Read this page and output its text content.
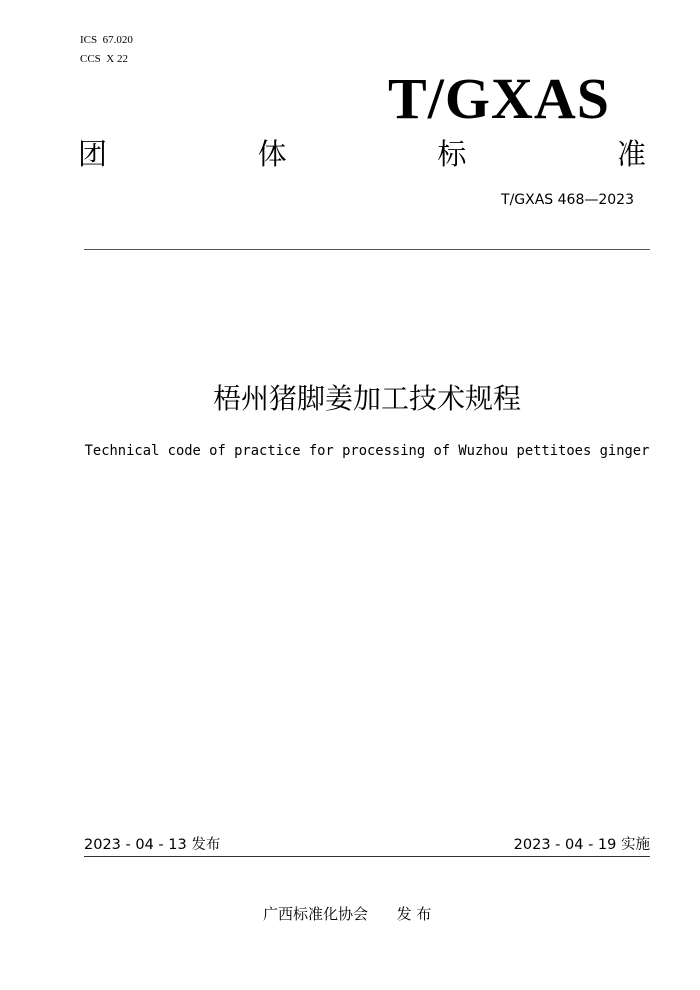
ICS  67.020
CCS  X 22
T/GXAS
团	体	标	准
T/GXAS 468—2023
梧州猪脚姜加工技术规程
Technical code of practice for processing of Wuzhou pettitoes ginger
2023 - 04 - 13 发布	2023 - 04 - 19 实施
广西标准化协会      发 布
